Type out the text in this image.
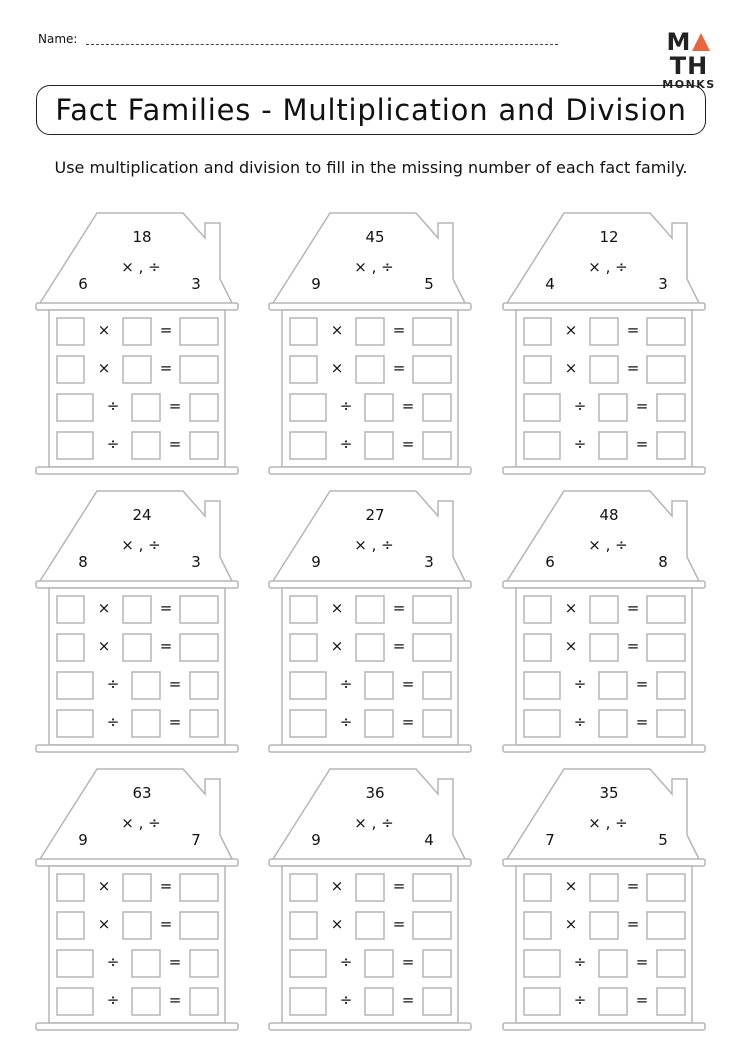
Name:	MTH
MONKS
Fact Families - Multiplication and Division
Use multiplication and division to fill in the missing number of each fact family.
18
× , ÷
6	3
×	=
×	=
÷	=
÷	=
45
× , ÷
9	5
×	=
×	=
÷	=
÷	=
12
× , ÷
4	3
×	=
×	=
÷	=
÷	=
24
× , ÷
8	3
×	=
×	=
÷	=
÷	=
27
× , ÷
9	3
×	=
×	=
÷	=
÷	=
48
× , ÷
6	8
×	=
×	=
÷	=
÷	=
63
× , ÷
9	7
×	=
×	=
÷	=
÷	=
36
× , ÷
9	4
×	=
×	=
÷	=
÷	=
35
× , ÷
7	5
×	=
×	=
÷	=
÷	=
